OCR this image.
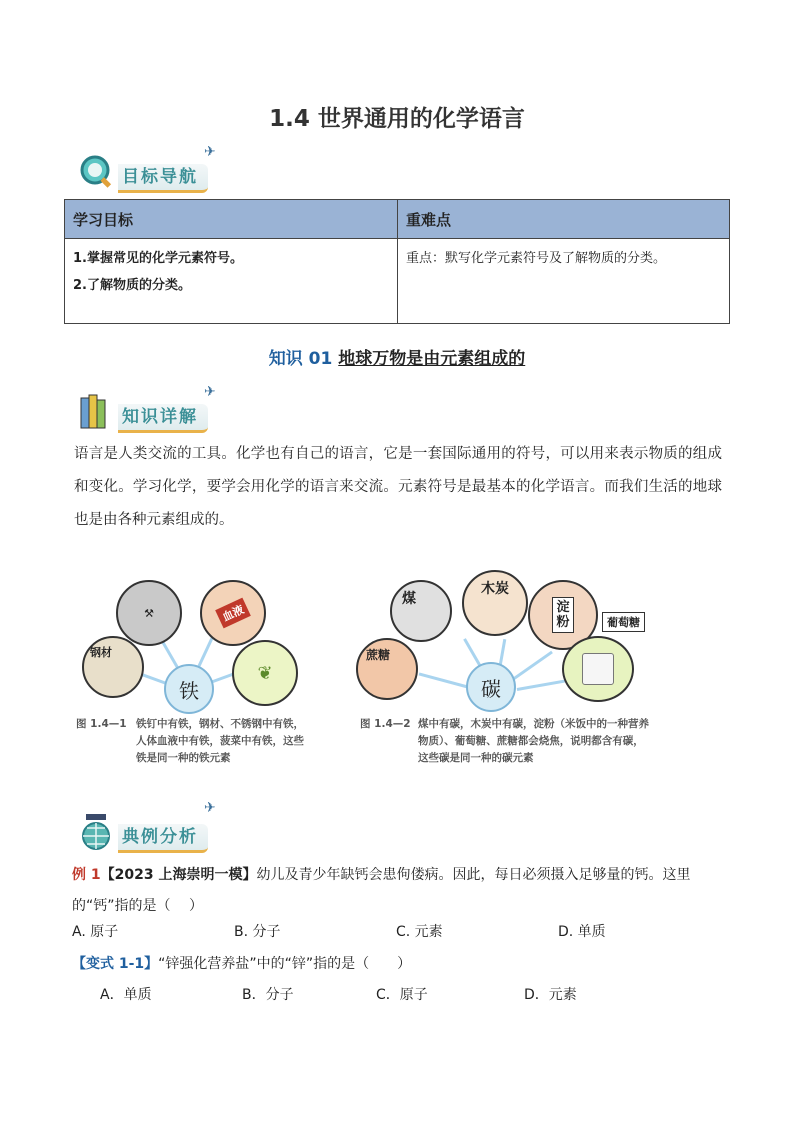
1.4 世界通用的化学语言
目标导航
✈
学习目标	重难点

1.掌握常见的化学元素符号。
2.了解物质的分类。	重点：默写化学元素符号及了解物质的分类。
知识 01 地球万物是由元素组成的
知识详解
✈
语言是人类交流的工具。化学也有自己的语言，它是一套国际通用的符号，可以用来表示物质的组成和变化。学习化学，要学会用化学的语言来交流。元素符号是最基本的化学语言。而我们生活的地球也是由各种元素组成的。
⚒	血液
钢材
❦
铁
图 1.4—1 铁钉中有铁，钢材、不锈钢中有铁，人体血液中有铁，菠菜中有铁，这些铁是同一种的铁元素
煤
木炭
淀粉	葡萄糖
蔗糖
碳
图 1.4—2 煤中有碳，木炭中有碳，淀粉（米饭中的一种营养物质）、葡萄糖、蔗糖都会烧焦，说明都含有碳，这些碳是同一种的碳元素
典例分析
✈
例 1【2023 上海崇明一模】幼儿及青少年缺钙会患佝偻病。因此，每日必须摄入足够量的钙。这里的“钙”指的是（　 ）
A. 原子	B. 分子	C. 元素	D. 单质
【变式 1-1】“锌强化营养盐”中的“锌”指的是（　　）
A．单质	B．分子	C．原子	D．元素
